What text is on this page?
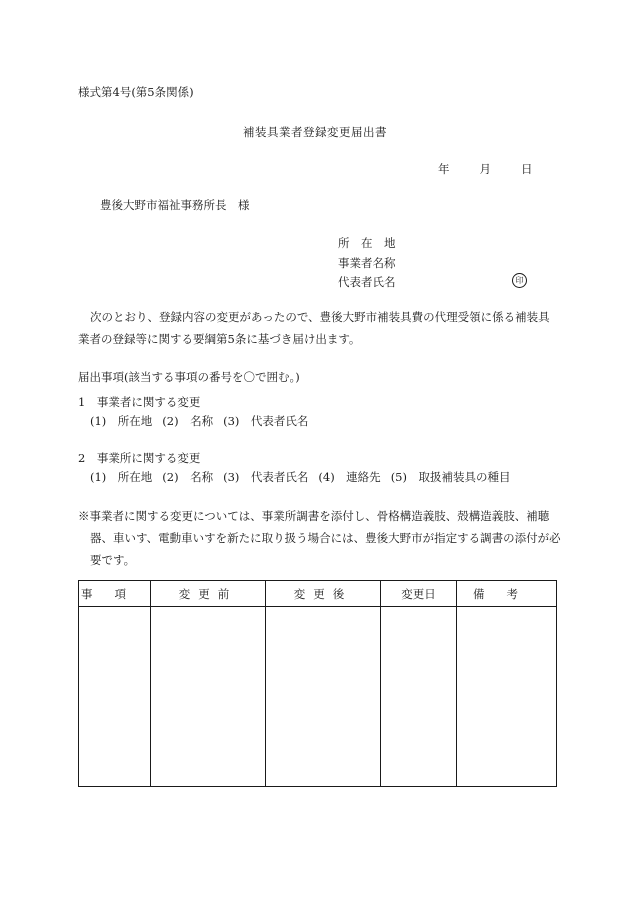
様式第4号(第5条関係)
補装具業者登録変更届出書
年	月	日
豊後大野市福祉事務所長　様
所　在　地
事業者名称
代表者氏名	印
次のとおり、登録内容の変更があったので、豊後大野市補装具費の代理受領に係る補装具業者の登録等に関する要綱第5条に基づき届け出ます。
届出事項(該当する事項の番号を〇で囲む。)
1　事業者に関する変更
(1)　所在地 (2)　名称 (3)　代表者氏名
2　事業所に関する変更
(1)　所在地 (2)　名称 (3)　代表者氏名 (4)　連絡先 (5)　取扱補装具の種目
※事業者に関する変更については、事業所調書を添付し、骨格構造義肢、殻構造義肢、補聴器、車いす、電動車いすを新たに取り扱う場合には、豊後大野市が指定する調書の添付が必要です。
事項	変更前	変更後	変更日	備考
